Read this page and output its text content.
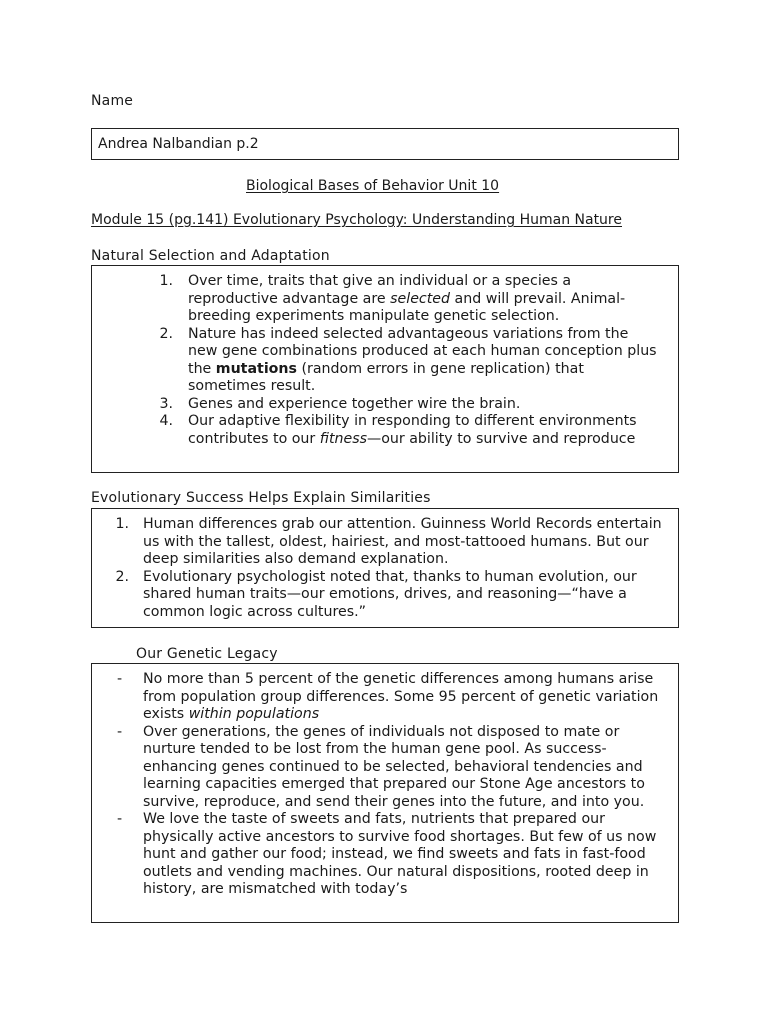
Name
Andrea Nalbandian p.2
Biological Bases of Behavior Unit 10
Module 15 (pg.141) Evolutionary Psychology: Understanding Human Nature
Natural Selection and Adaptation
1. Over time, traits that give an individual or a species a reproductive advantage are selected and will prevail. Animal-breeding experiments manipulate genetic selection.
2. Nature has indeed selected advantageous variations from the new gene combinations produced at each human conception plus the mutations (random errors in gene replication) that sometimes result.
3. Genes and experience together wire the brain.
4. Our adaptive flexibility in responding to different environments contributes to our fitness—our ability to survive and reproduce
Evolutionary Success Helps Explain Similarities
1. Human differences grab our attention. Guinness World Records entertain us with the tallest, oldest, hairiest, and most-tattooed humans. But our deep similarities also demand explanation.
2. Evolutionary psychologist noted that, thanks to human evolution, our shared human traits—our emotions, drives, and reasoning—“have a common logic across cultures.”
Our Genetic Legacy
- No more than 5 percent of the genetic differences among humans arise from population group differences. Some 95 percent of genetic variation exists within populations
- Over generations, the genes of individuals not disposed to mate or nurture tended to be lost from the human gene pool. As success-enhancing genes continued to be selected, behavioral tendencies and learning capacities emerged that prepared our Stone Age ancestors to survive, reproduce, and send their genes into the future, and into you.
- We love the taste of sweets and fats, nutrients that prepared our physically active ancestors to survive food shortages. But few of us now hunt and gather our food; instead, we find sweets and fats in fast-food outlets and vending machines. Our natural dispositions, rooted deep in history, are mismatched with today’s
